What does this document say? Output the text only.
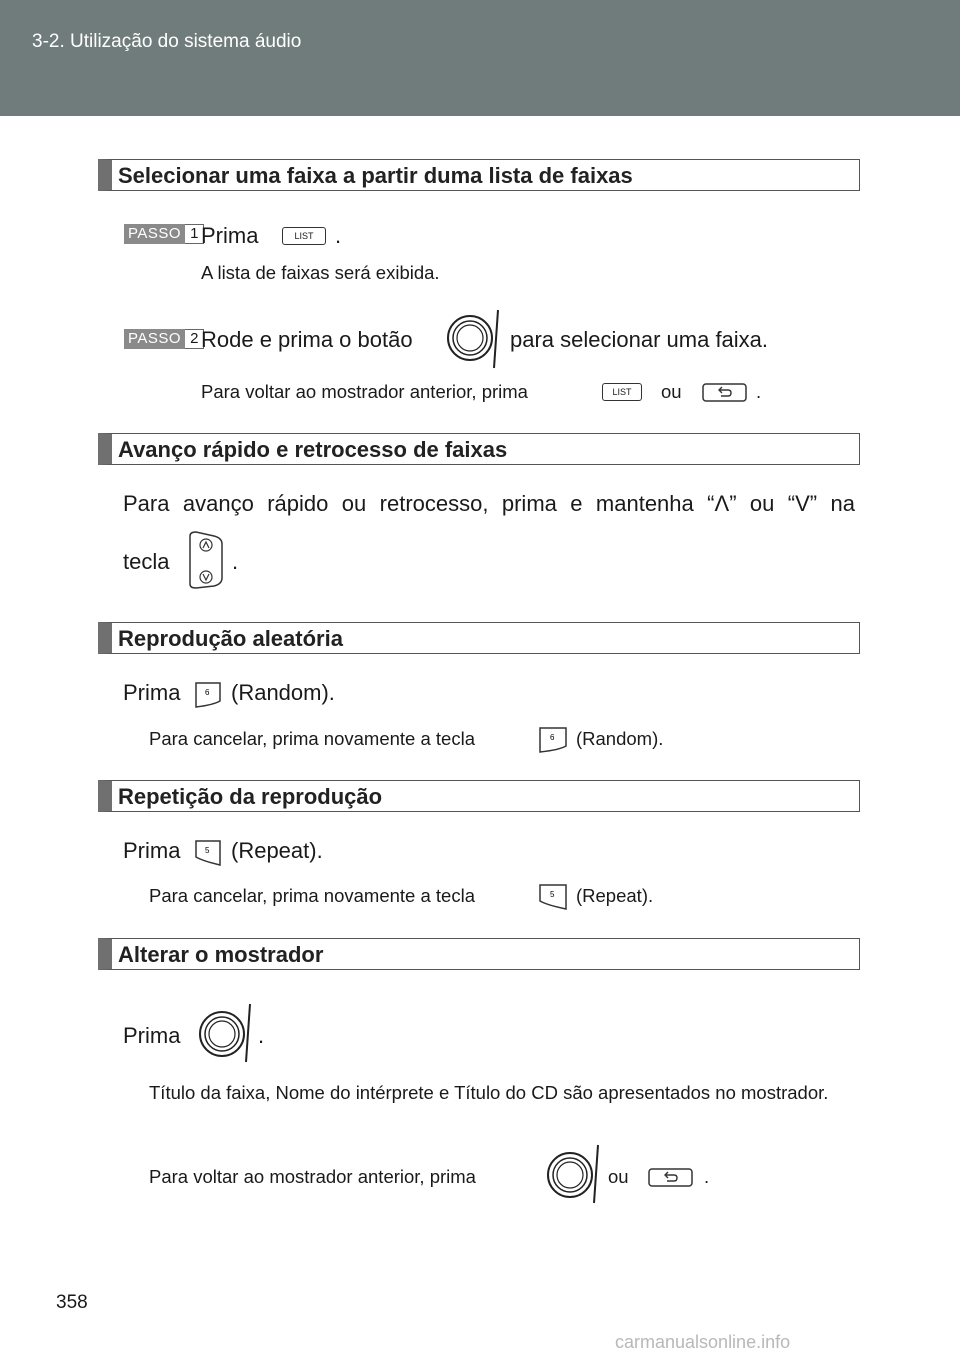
3-2. Utilização do sistema áudio
Selecionar uma faixa a partir duma lista de faixas
PASSO 1 Prima	LIST .
A lista de faixas será exibida.
PASSO 2 Rode e prima o botão	para selecionar uma faixa.
Para voltar ao mostrador anterior, prima	LIST	ou	.
Avanço rápido e retrocesso de faixas
Para avanço rápido ou retrocesso, prima e mantenha “Λ” ou “V” na
tecla	.
Reprodução aleatória
Prima	6 (Random).
Para cancelar, prima novamente a tecla	6 (Random).
Repetição da reprodução
Prima	5 (Repeat).
Para cancelar, prima novamente a tecla	5 (Repeat).
Alterar o mostrador
Prima	.
Título da faixa, Nome do intérprete e Título do CD são apresentados no mostrador.
Para voltar ao mostrador anterior, prima	ou	.
358
carmanualsonline.info
